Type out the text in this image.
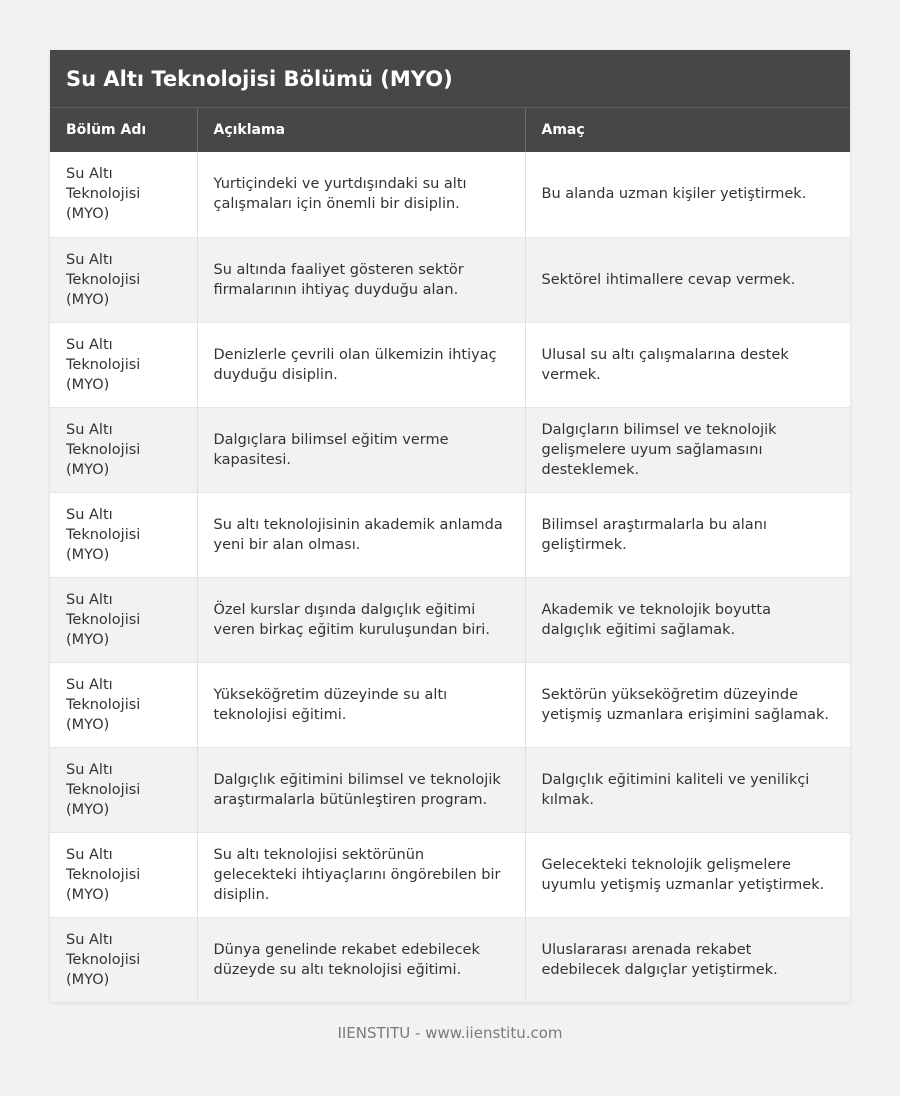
Su Altı Teknolojisi Bölümü (MYO)
Bölüm Adı	Açıklama	Amaç
Su Altı Teknolojisi (MYO)	Yurtiçindeki ve yurtdışındaki su altı çalışmaları için önemli bir disiplin.	Bu alanda uzman kişiler yetiştirmek.
Su Altı Teknolojisi (MYO)	Su altında faaliyet gösteren sektör firmalarının ihtiyaç duyduğu alan.	Sektörel ihtimallere cevap vermek.
Su Altı Teknolojisi (MYO)	Denizlerle çevrili olan ülkemizin ihtiyaç duyduğu disiplin.	Ulusal su altı çalışmalarına destek vermek.
Su Altı Teknolojisi (MYO)	Dalgıçlara bilimsel eğitim verme kapasitesi.	Dalgıçların bilimsel ve teknolojik gelişmelere uyum sağlamasını desteklemek.
Su Altı Teknolojisi (MYO)	Su altı teknolojisinin akademik anlamda yeni bir alan olması.	Bilimsel araştırmalarla bu alanı geliştirmek.
Su Altı Teknolojisi (MYO)	Özel kurslar dışında dalgıçlık eğitimi veren birkaç eğitim kuruluşundan biri.	Akademik ve teknolojik boyutta dalgıçlık eğitimi sağlamak.
Su Altı Teknolojisi (MYO)	Yükseköğretim düzeyinde su altı teknolojisi eğitimi.	Sektörün yükseköğretim düzeyinde yetişmiş uzmanlara erişimini sağlamak.
Su Altı Teknolojisi (MYO)	Dalgıçlık eğitimini bilimsel ve teknolojik araştırmalarla bütünleştiren program.	Dalgıçlık eğitimini kaliteli ve yenilikçi kılmak.
Su Altı Teknolojisi (MYO)	Su altı teknolojisi sektörünün gelecekteki ihtiyaçlarını öngörebilen bir disiplin.	Gelecekteki teknolojik gelişmelere uyumlu yetişmiş uzmanlar yetiştirmek.
Su Altı Teknolojisi (MYO)	Dünya genelinde rekabet edebilecek düzeyde su altı teknolojisi eğitimi.	Uluslararası arenada rekabet edebilecek dalgıçlar yetiştirmek.
IIENSTITU - www.iienstitu.com
